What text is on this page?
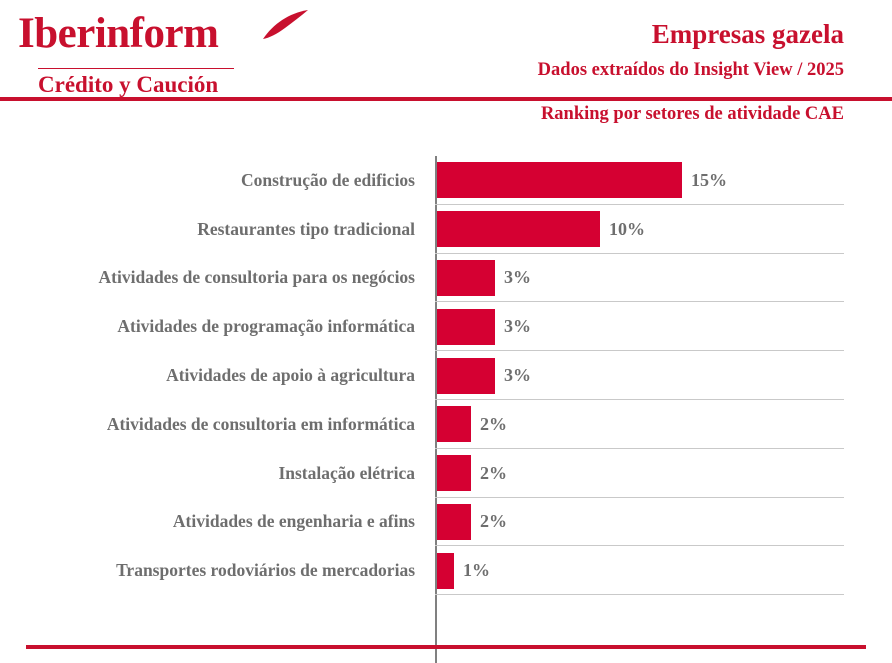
Iberinform
Crédito y Caución
Empresas gazela
Dados extraídos do Insight View / 2025
Ranking por setores de atividade CAE
Construção de edificios	15%
Restaurantes tipo tradicional	10%
Atividades de consultoria para os negócios	3%
Atividades de programação informática	3%
Atividades de apoio à agricultura	3%
Atividades de consultoria em informática	2%
Instalação elétrica	2%
Atividades de engenharia e afins	2%
Transportes rodoviários de mercadorias	1%
